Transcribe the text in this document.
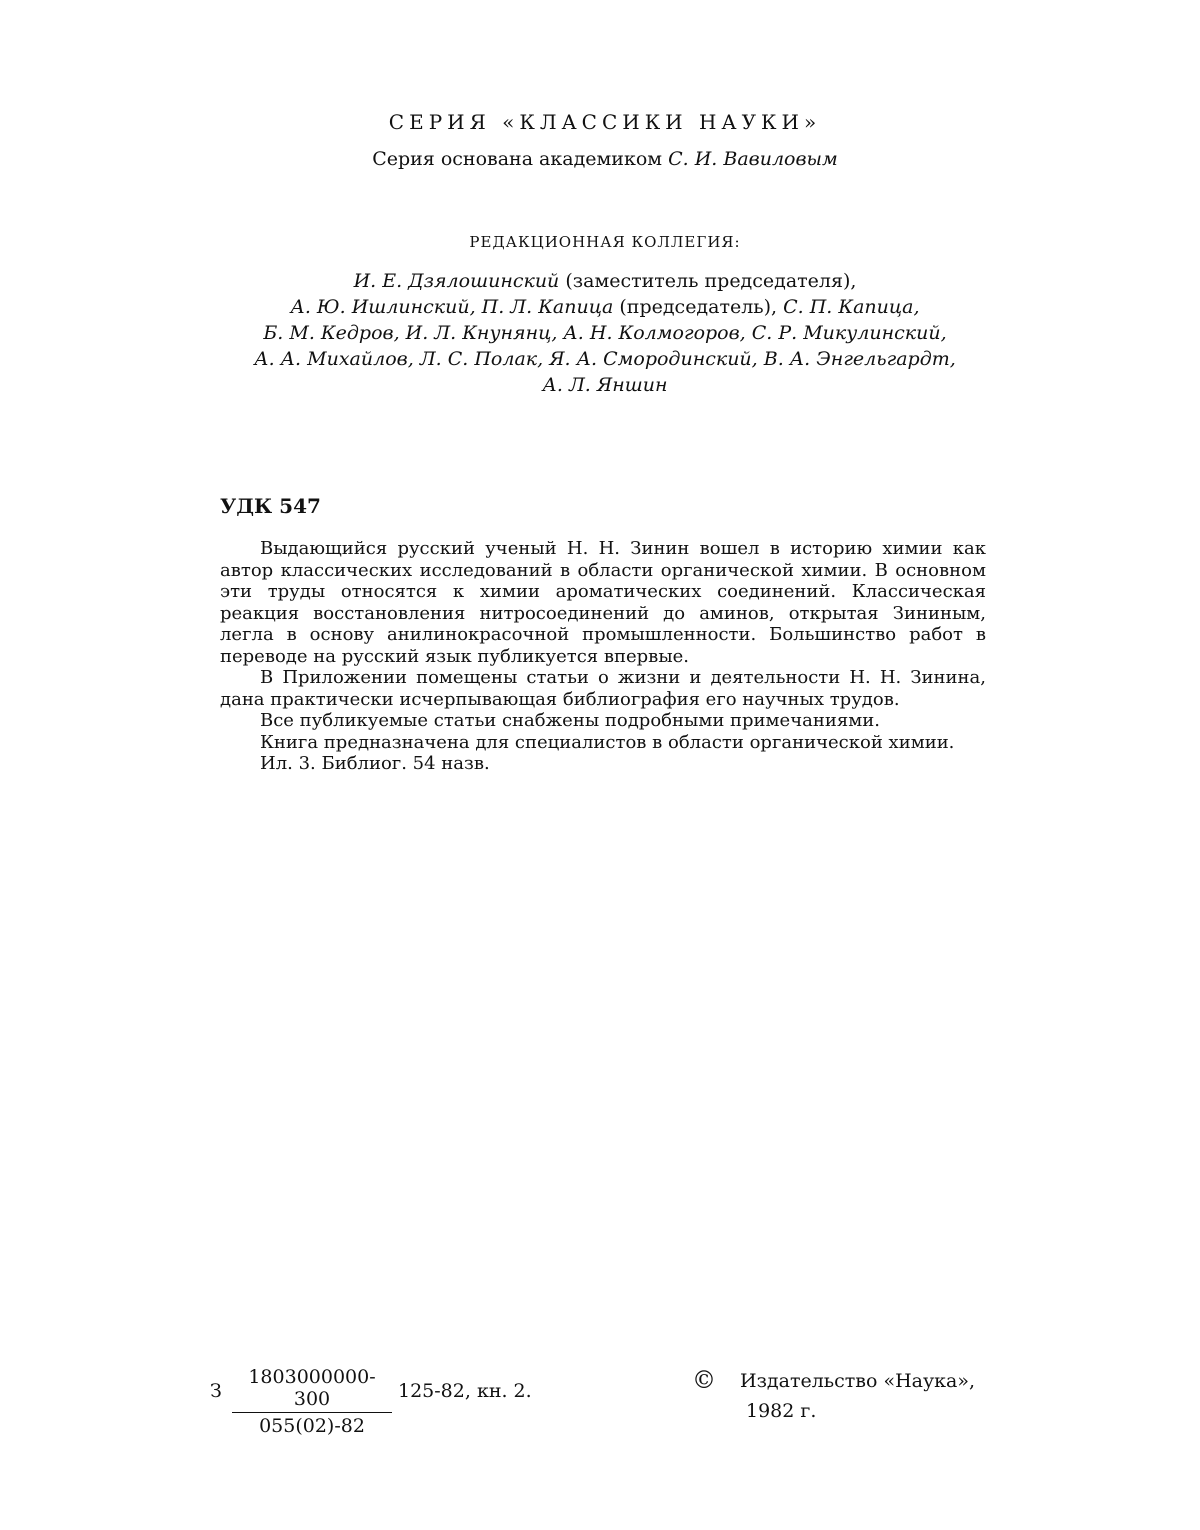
СЕРИЯ «КЛАССИКИ НАУКИ»
Серия основана академиком С. И. Вавиловым
РЕДАКЦИОННАЯ КОЛЛЕГИЯ:
И. Е. Дзялошинский (заместитель председателя),
А. Ю. Ишлинский, П. Л. Капица (председатель), С. П. Капица,
Б. М. Кедров, И. Л. Кнунянц, А. Н. Колмогоров, С. Р. Микулинский,
А. А. Михайлов, Л. С. Полак, Я. А. Смородинский, В. А. Энгельгардт,
А. Л. Яншин
УДК 547

Выдающийся русский ученый Н. Н. Зинин вошел в историю химии как автор классических исследований в области органической химии. В основном эти труды относятся к химии ароматических соединений. Классическая реакция восстановления нитросоединений до аминов, открытая Зининым, легла в основу анилинокрасочной промышленности. Большинство работ в переводе на русский язык публикуется впервые.

В Приложении помещены статьи о жизни и деятельности Н. Н. Зинина, дана практически исчерпывающая библиография его научных трудов.

Все публикуемые статьи снабжены подробными примечаниями.

Книга предназначена для специалистов в области органической химии.

Ил. 3. Библиог. 54 назв.

З $\frac{1803000000-300}{055(02)-82} 125-82$, кн. 2.	© Издательство «Наука»,
1982 г.
